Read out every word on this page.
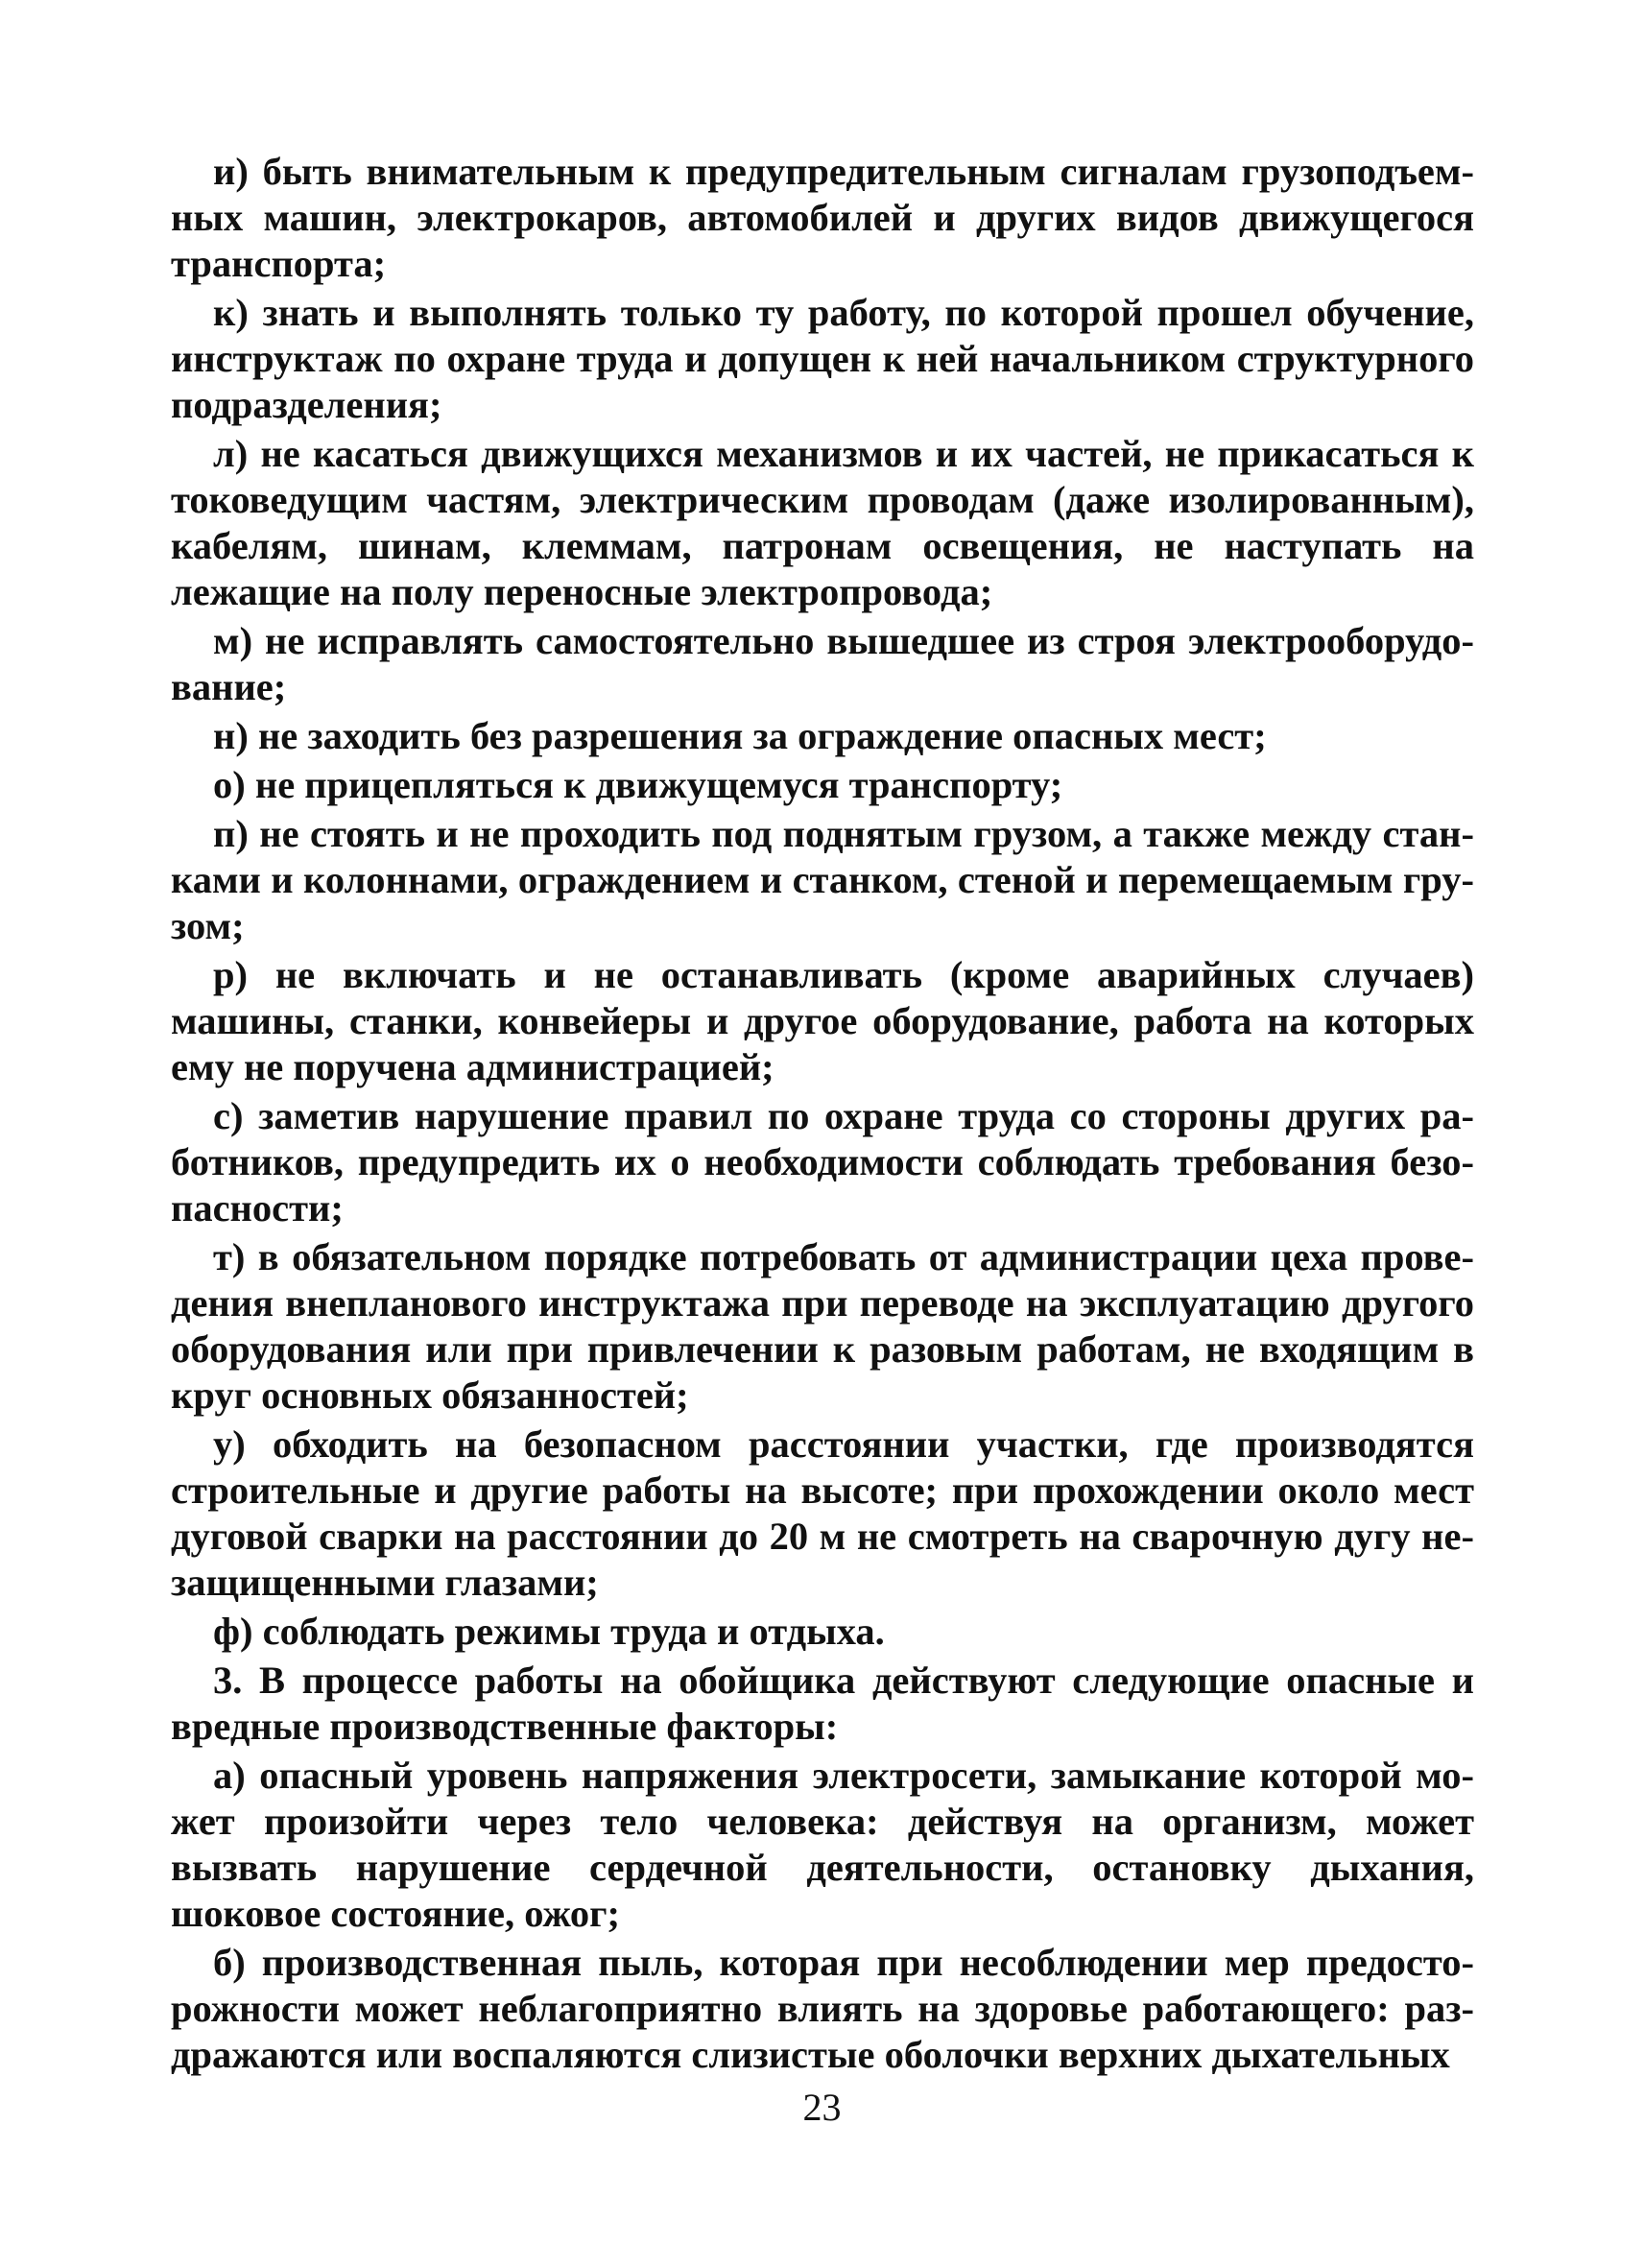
и) быть внимательным к предупредительным сигналам грузоподъемных машин, электрокаров, автомобилей и других видов движущегося транспорта;

к) знать и выполнять только ту работу, по которой прошел обучение, инструктаж по охране труда и допущен к ней начальником структурного подразделения;

л) не касаться движущихся механизмов и их частей, не прикасаться к токоведущим частям, электрическим проводам (даже изолированным), кабелям, шинам, клеммам, патронам освещения, не наступать на лежащие на полу переносные электропровода;

м) не исправлять самостоятельно вышедшее из строя электрооборудование;

н) не заходить без разрешения за ограждение опасных мест;

о) не прицепляться к движущемуся транспорту;

п) не стоять и не проходить под поднятым грузом, а также между станками и колоннами, ограждением и станком, стеной и перемещаемым грузом;

р) не включать и не останавливать (кроме аварийных случаев) машины, станки, конвейеры и другое оборудование, работа на которых ему не поручена администрацией;

с) заметив нарушение правил по охране труда со стороны других работников, предупредить их о необходимости соблюдать требования безопасности;

т) в обязательном порядке потребовать от администрации цеха проведения внепланового инструктажа при переводе на эксплуатацию другого оборудования или при привлечении к разовым работам, не входящим в круг основных обязанностей;

у) обходить на безопасном расстоянии участки, где производятся строительные и другие работы на высоте; при прохождении около мест дуговой сварки на расстоянии до 20 м не смотреть на сварочную дугу незащищенными глазами;

ф) соблюдать режимы труда и отдыха.

3. В процессе работы на обойщика действуют следующие опасные и вредные производственные факторы:

а) опасный уровень напряжения электросети, замыкание которой может произойти через тело человека: действуя на организм, может вызвать нарушение сердечной деятельности, остановку дыхания, шоковое состояние, ожог;

б) производственная пыль, которая при несоблюдении мер предосторожности может неблагоприятно влиять на здоровье работающего: раздражаются или воспаляются слизистые оболочки верхних дыхательных

23
